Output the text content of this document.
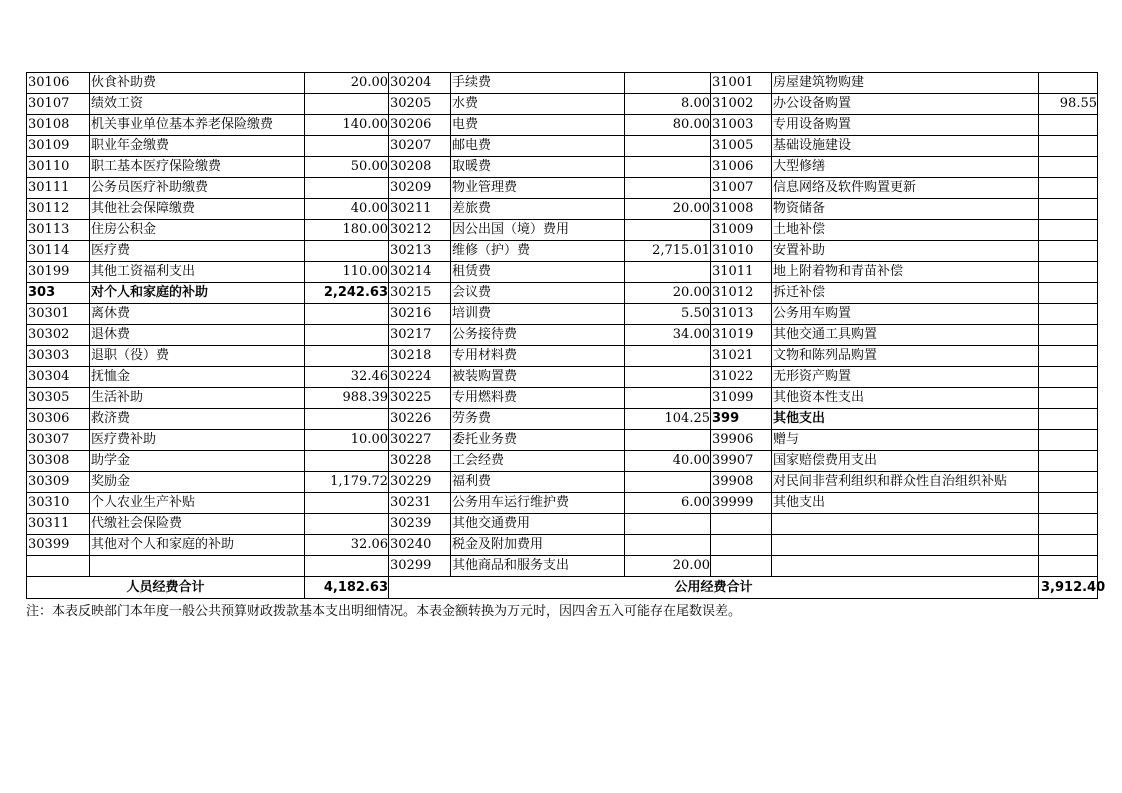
30106	伙食补助费	20.00	30204	手续费		31001	房屋建筑物购建	
30107	绩效工资		30205	水费	8.00	31002	办公设备购置	98.55
30108	机关事业单位基本养老保险缴费	140.00	30206	电费	80.00	31003	专用设备购置	
30109	职业年金缴费		30207	邮电费		31005	基础设施建设	
30110	职工基本医疗保险缴费	50.00	30208	取暖费		31006	大型修缮	
30111	公务员医疗补助缴费		30209	物业管理费		31007	信息网络及软件购置更新	
30112	其他社会保障缴费	40.00	30211	差旅费	20.00	31008	物资储备	
30113	住房公积金	180.00	30212	因公出国（境）费用		31009	土地补偿	
30114	医疗费		30213	维修（护）费	2,715.01	31010	安置补助	
30199	其他工资福利支出	110.00	30214	租赁费		31011	地上附着物和青苗补偿	
303	对个人和家庭的补助	2,242.63	30215	会议费	20.00	31012	拆迁补偿	
30301	离休费		30216	培训费	5.50	31013	公务用车购置	
30302	退休费		30217	公务接待费	34.00	31019	其他交通工具购置	
30303	退职（役）费		30218	专用材料费		31021	文物和陈列品购置	
30304	抚恤金	32.46	30224	被装购置费		31022	无形资产购置	
30305	生活补助	988.39	30225	专用燃料费		31099	其他资本性支出	
30306	救济费		30226	劳务费	104.25	399	其他支出	
30307	医疗费补助	10.00	30227	委托业务费		39906	赠与	
30308	助学金		30228	工会经费	40.00	39907	国家赔偿费用支出	
30309	奖励金	1,179.72	30229	福利费		39908	对民间非营利组织和群众性自治组织补贴	
30310	个人农业生产补贴		30231	公务用车运行维护费	6.00	39999	其他支出	
30311	代缴社会保险费		30239	其他交通费用				
30399	其他对个人和家庭的补助	32.06	30240	税金及附加费用				
			30299	其他商品和服务支出	20.00			
人员经费合计		4,182.63	公用经费合计					3,912.40
注：本表反映部门本年度一般公共预算财政拨款基本支出明细情况。本表金额转换为万元时，因四舍五入可能存在尾数误差。
